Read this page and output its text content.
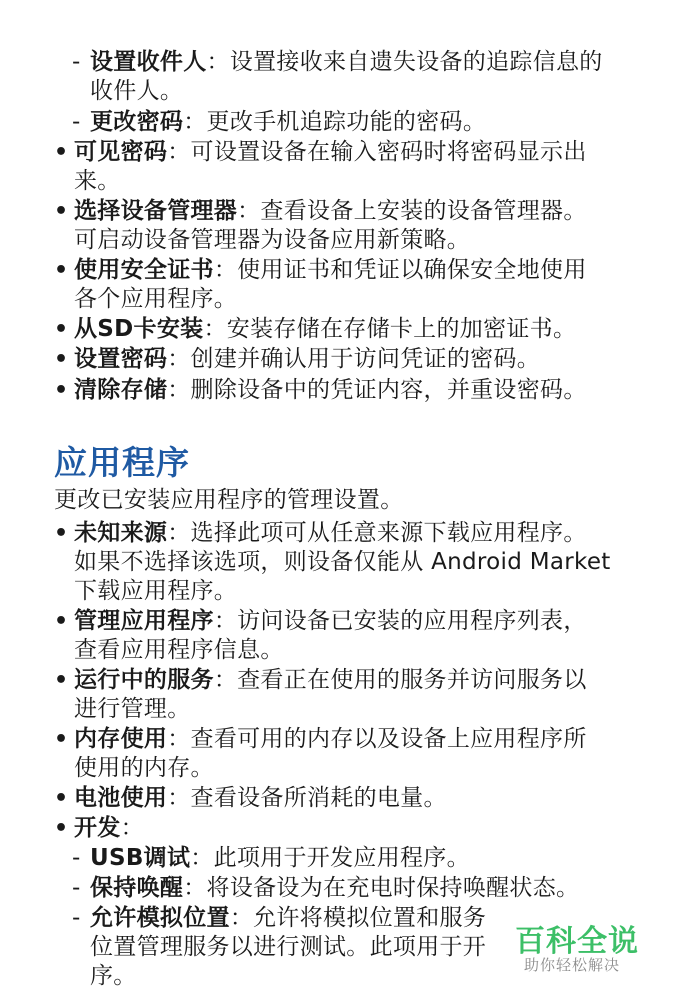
- 设置收件人：设置接收来自遗失设备的追踪信息的
收件人。
- 更改密码：更改手机追踪功能的密码。
• 可见密码：可设置设备在输入密码时将密码显示出
来。
• 选择设备管理器：查看设备上安装的设备管理器。
可启动设备管理器为设备应用新策略。
• 使用安全证书：使用证书和凭证以确保安全地使用
各个应用程序。
• 从SD卡安装：安装存储在存储卡上的加密证书。
• 设置密码：创建并确认用于访问凭证的密码。
• 清除存储：删除设备中的凭证内容，并重设密码。
应用程序
更改已安装应用程序的管理设置。
• 未知来源：选择此项可从任意来源下载应用程序。
如果不选择该选项，则设备仅能从 Android Market
下载应用程序。
• 管理应用程序：访问设备已安装的应用程序列表，
查看应用程序信息。
• 运行中的服务：查看正在使用的服务并访问服务以
进行管理。
• 内存使用：查看可用的内存以及设备上应用程序所
使用的内存。
• 电池使用：查看设备所消耗的电量。
• 开发：
- USB调试：此项用于开发应用程序。
- 保持唤醒：将设备设为在充电时保持唤醒状态。
- 允许模拟位置：允许将模拟位置和服务
位置管理服务以进行测试。此项用于开
序。
百科全说
助你轻松解决
